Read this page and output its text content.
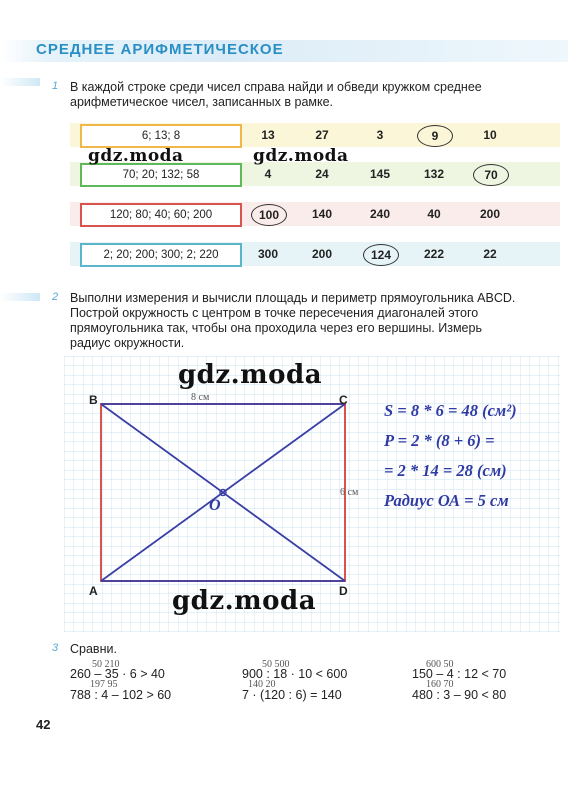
СРЕДНЕЕ АРИФМЕТИЧЕСКОЕ
1 В каждой строке среди чисел справа найди и обведи кружком среднее
арифметическое чисел, записанных в рамке.
6; 13; 8	13	27	3	9	10
70; 20; 132; 58	4	24	145	132	70
120; 80; 40; 60; 200	100	140	240	40	200
2; 20; 200; 300; 2; 220	300	200	124	222	22
gdz.moda	gdz.moda
2 Выполни измерения и вычисли площадь и периметр прямоугольника ABCD.
Построй окружность с центром в точке пересечения диагоналей этого
прямоугольника так, чтобы она проходила через его вершины. Измерь
радиус окружности.
B	C
A	D
O
8 см
6 см
S = 8 * 6 = 48 (см²)
P = 2 * (8 + 6) =
= 2 * 14 = 28 (см)
Радиус ОА = 5 см
gdz.moda
gdz.moda
3 Сравни.
50 210
260 – 35 · 6 > 40
197 95
788 : 4 – 102 > 60
50 500
900 : 18 · 10 < 600
140 20
7 · (120 : 6) = 140
600 50
150 – 4 : 12 < 70
160 70
480 : 3 – 90 < 80
42
